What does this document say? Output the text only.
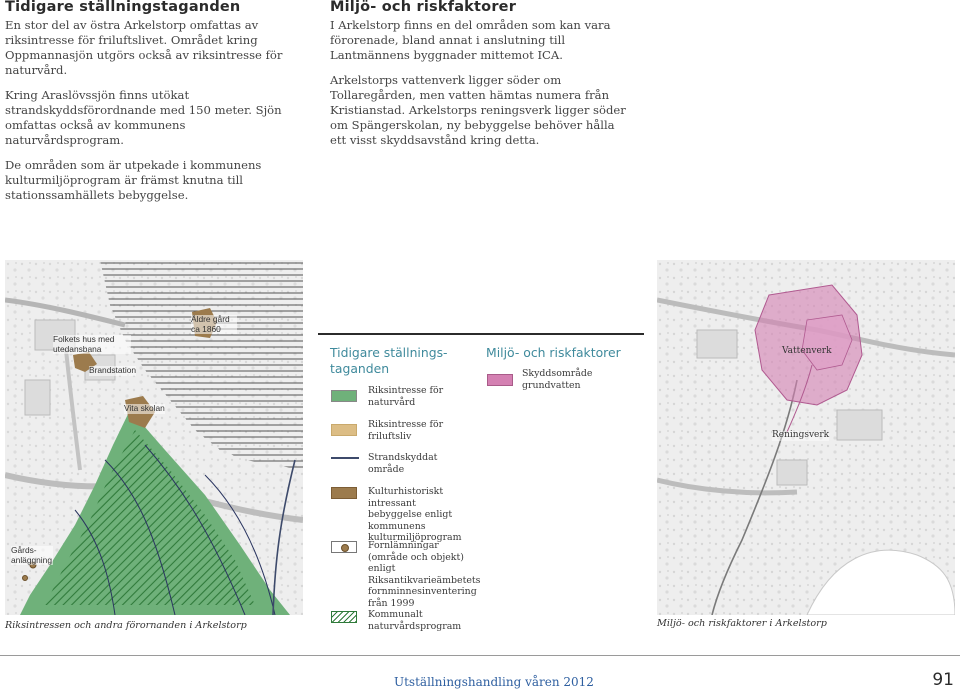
Tidigare ställningstaganden

En stor del av östra Arkelstorp omfattas av riksintresse för friluftslivet. Området kring Oppmannasjön utgörs också av riksintresse för naturvård.

Kring Araslövssjön finns utökat strandskyddsförordnande med 150 meter. Sjön omfattas också av kommunens naturvårdsprogram.

De områden som är utpekade i kommunens kulturmiljöprogram är främst knutna till stationssamhällets bebyggelse.

Miljö- och riskfaktorer

I Arkelstorp finns en del områden som kan vara förorenade, bland annat i anslutning till Lantmännens byggnader mittemot ICA.

Arkelstorps vattenverk ligger söder om Tollaregården, men vatten hämtas numera från Kristianstad. Arkelstorps reningsverk ligger söder om Spängerskolan, ny bebyggelse behöver hålla ett visst skyddsavstånd kring detta.

Folkets hus med utedansbana
Äldre gård ca 1860
Brandstation
Vita skolan
Gårds-anläggning
Riksintressen och andra förornanden i Arkelstorp
Tidigare ställnings-taganden
Miljö- och riskfaktorer
Riksintresse för naturvård
Riksintresse för friluftsliv
Strandskyddat område
Kulturhistoriskt intressant bebyggelse enligt kommunens kulturmiljöprogram
Fornlämningar (område och objekt) enligt Riksantikvarieämbetets fornminnesinventering från 1999
Kommunalt naturvårdsprogram
Skyddsområde grundvatten
Vattenverk
Reningsverk
Miljö- och riskfaktorer i Arkelstorp
Utställningshandling våren 2012	91
